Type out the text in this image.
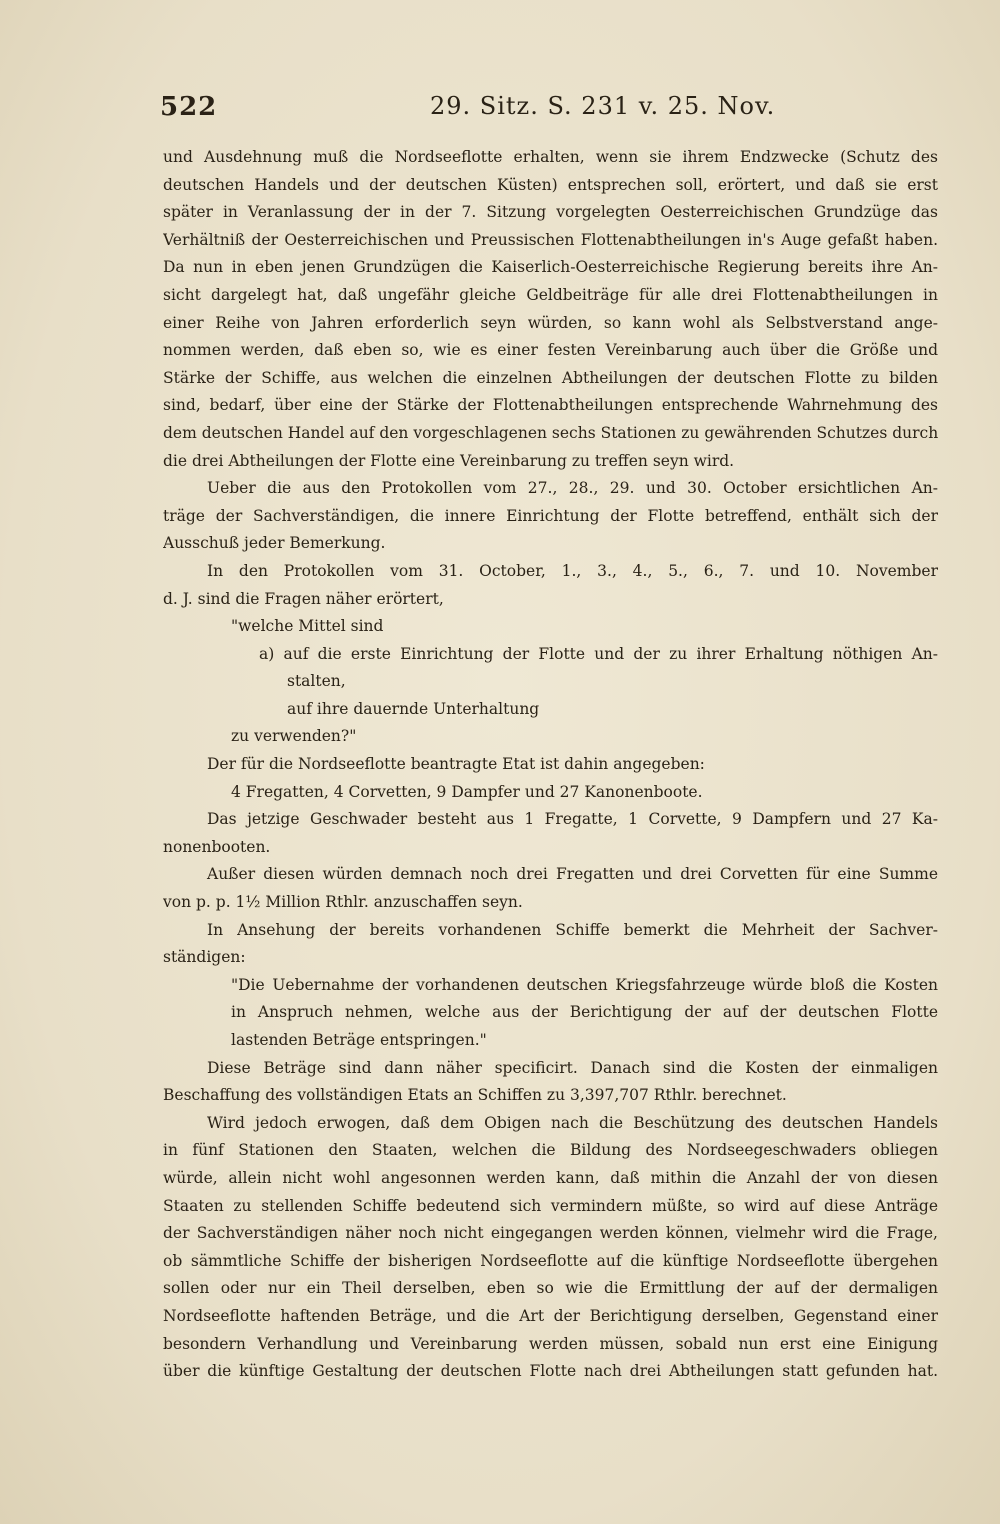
522	29. Sitz. S. 231 v. 25. Nov.
und Ausdehnung muß die Nordseeflotte erhalten, wenn sie ihrem Endzwecke (Schutz des
deutschen Handels und der deutschen Küsten) entsprechen soll, erörtert, und daß sie erst
später in Veranlassung der in der 7. Sitzung vorgelegten Oesterreichischen Grundzüge das
Verhältniß der Oesterreichischen und Preussischen Flottenabtheilungen in's Auge gefaßt haben.
Da nun in eben jenen Grundzügen die Kaiserlich-Oesterreichische Regierung bereits ihre An-
sicht dargelegt hat, daß ungefähr gleiche Geldbeiträge für alle drei Flottenabtheilungen in
einer Reihe von Jahren erforderlich seyn würden, so kann wohl als Selbstverstand ange-
nommen werden, daß eben so, wie es einer festen Vereinbarung auch über die Größe und
Stärke der Schiffe, aus welchen die einzelnen Abtheilungen der deutschen Flotte zu bilden
sind, bedarf, über eine der Stärke der Flottenabtheilungen entsprechende Wahrnehmung des
dem deutschen Handel auf den vorgeschlagenen sechs Stationen zu gewährenden Schutzes durch
die drei Abtheilungen der Flotte eine Vereinbarung zu treffen seyn wird.
Ueber die aus den Protokollen vom 27., 28., 29. und 30. October ersichtlichen An-
träge der Sachverständigen, die innere Einrichtung der Flotte betreffend, enthält sich der
Ausschuß jeder Bemerkung.
In den Protokollen vom 31. October, 1., 3., 4., 5., 6., 7. und 10. November
d. J. sind die Fragen näher erörtert,
"welche Mittel sind
a) auf die erste Einrichtung der Flotte und der zu ihrer Erhaltung nöthigen An-
stalten,
auf ihre dauernde Unterhaltung
zu verwenden?"
Der für die Nordseeflotte beantragte Etat ist dahin angegeben:
4 Fregatten, 4 Corvetten, 9 Dampfer und 27 Kanonenboote.
Das jetzige Geschwader besteht aus 1 Fregatte, 1 Corvette, 9 Dampfern und 27 Ka-
nonenbooten.
Außer diesen würden demnach noch drei Fregatten und drei Corvetten für eine Summe
von p. p. 1½ Million Rthlr. anzuschaffen seyn.
In Ansehung der bereits vorhandenen Schiffe bemerkt die Mehrheit der Sachver-
ständigen:
"Die Uebernahme der vorhandenen deutschen Kriegsfahrzeuge würde bloß die Kosten
in Anspruch nehmen, welche aus der Berichtigung der auf der deutschen Flotte
lastenden Beträge entspringen."
Diese Beträge sind dann näher specificirt. Danach sind die Kosten der einmaligen
Beschaffung des vollständigen Etats an Schiffen zu 3,397,707 Rthlr. berechnet.
Wird jedoch erwogen, daß dem Obigen nach die Beschützung des deutschen Handels
in fünf Stationen den Staaten, welchen die Bildung des Nordseegeschwaders obliegen
würde, allein nicht wohl angesonnen werden kann, daß mithin die Anzahl der von diesen
Staaten zu stellenden Schiffe bedeutend sich vermindern müßte, so wird auf diese Anträge
der Sachverständigen näher noch nicht eingegangen werden können, vielmehr wird die Frage,
ob sämmtliche Schiffe der bisherigen Nordseeflotte auf die künftige Nordseeflotte übergehen
sollen oder nur ein Theil derselben, eben so wie die Ermittlung der auf der dermaligen
Nordseeflotte haftenden Beträge, und die Art der Berichtigung derselben, Gegenstand einer
besondern Verhandlung und Vereinbarung werden müssen, sobald nun erst eine Einigung
über die künftige Gestaltung der deutschen Flotte nach drei Abtheilungen statt gefunden hat.
